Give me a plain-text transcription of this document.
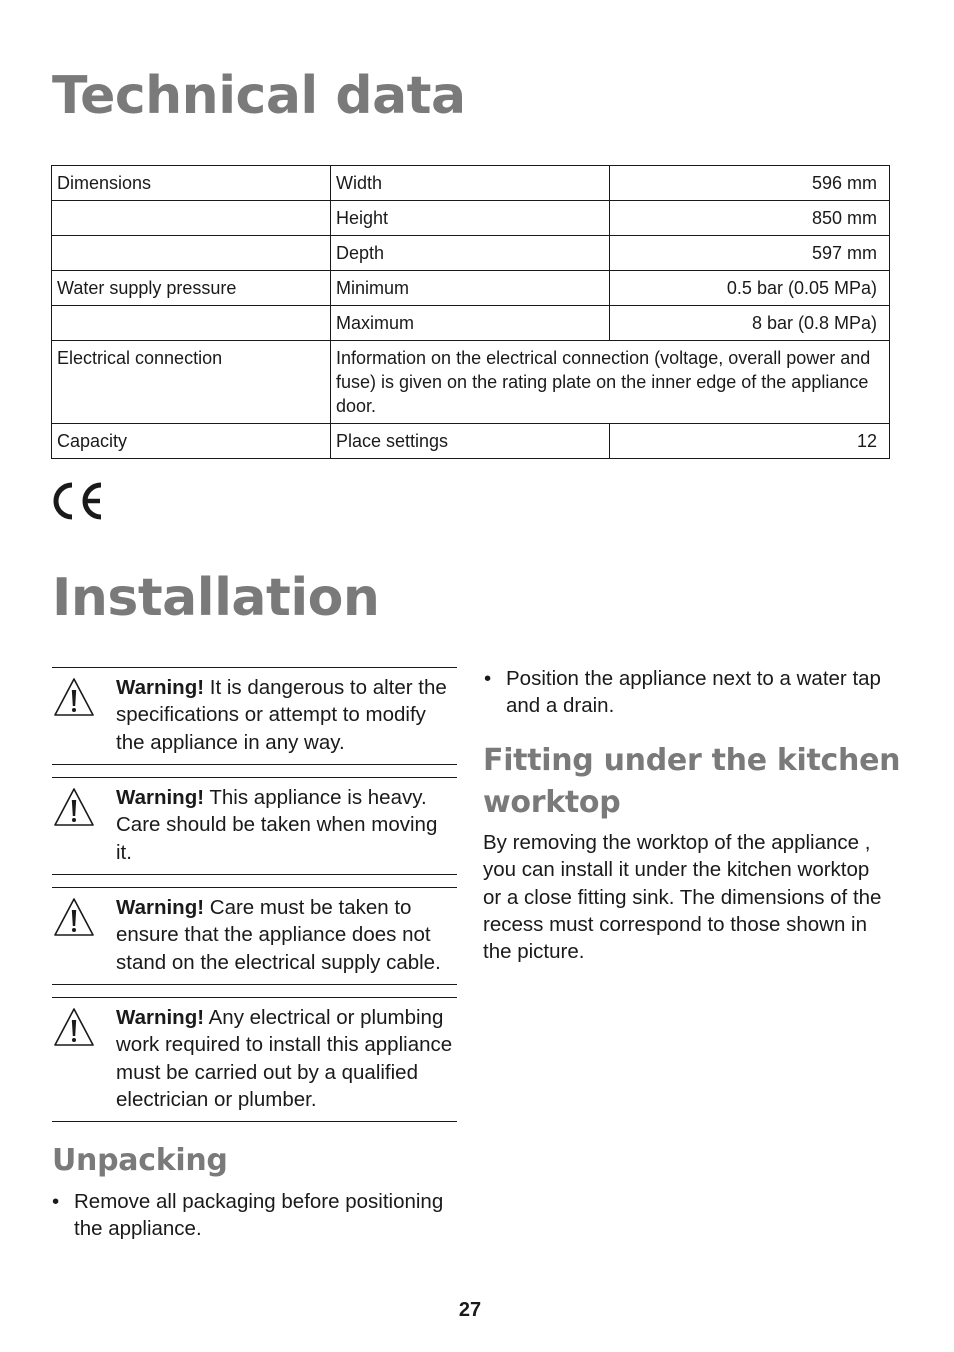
Technical data
Dimensions	Width	596 mm
	Height	850 mm
	Depth	597 mm
Water supply pressure	Minimum	0.5 bar (0.05 MPa)
	Maximum	8 bar (0.8 MPa)
Electrical connection	Information on the electrical connection (voltage, overall power and fuse) is given on the rating plate on the inner edge of the appliance door.	
Capacity	Place settings	12
Installation
Warning! It is dangerous to alter the specifications or attempt to modify the appliance in any way.
Warning! This appliance is heavy. Care should be taken when moving it.
Warning! Care must be taken to ensure that the appliance does not stand on the electrical supply cable.
Warning! Any electrical or plumbing work required to install this appliance must be carried out by a qualified electrician or plumber.
Unpacking
• Remove all packaging before positioning the appliance.
• Position the appliance next to a water tap and a drain.
Fitting under the kitchen worktop

By removing the worktop of the appliance , you can install it under the kitchen worktop or a close fitting sink. The dimensions of the recess must correspond to those shown in the picture.

27
